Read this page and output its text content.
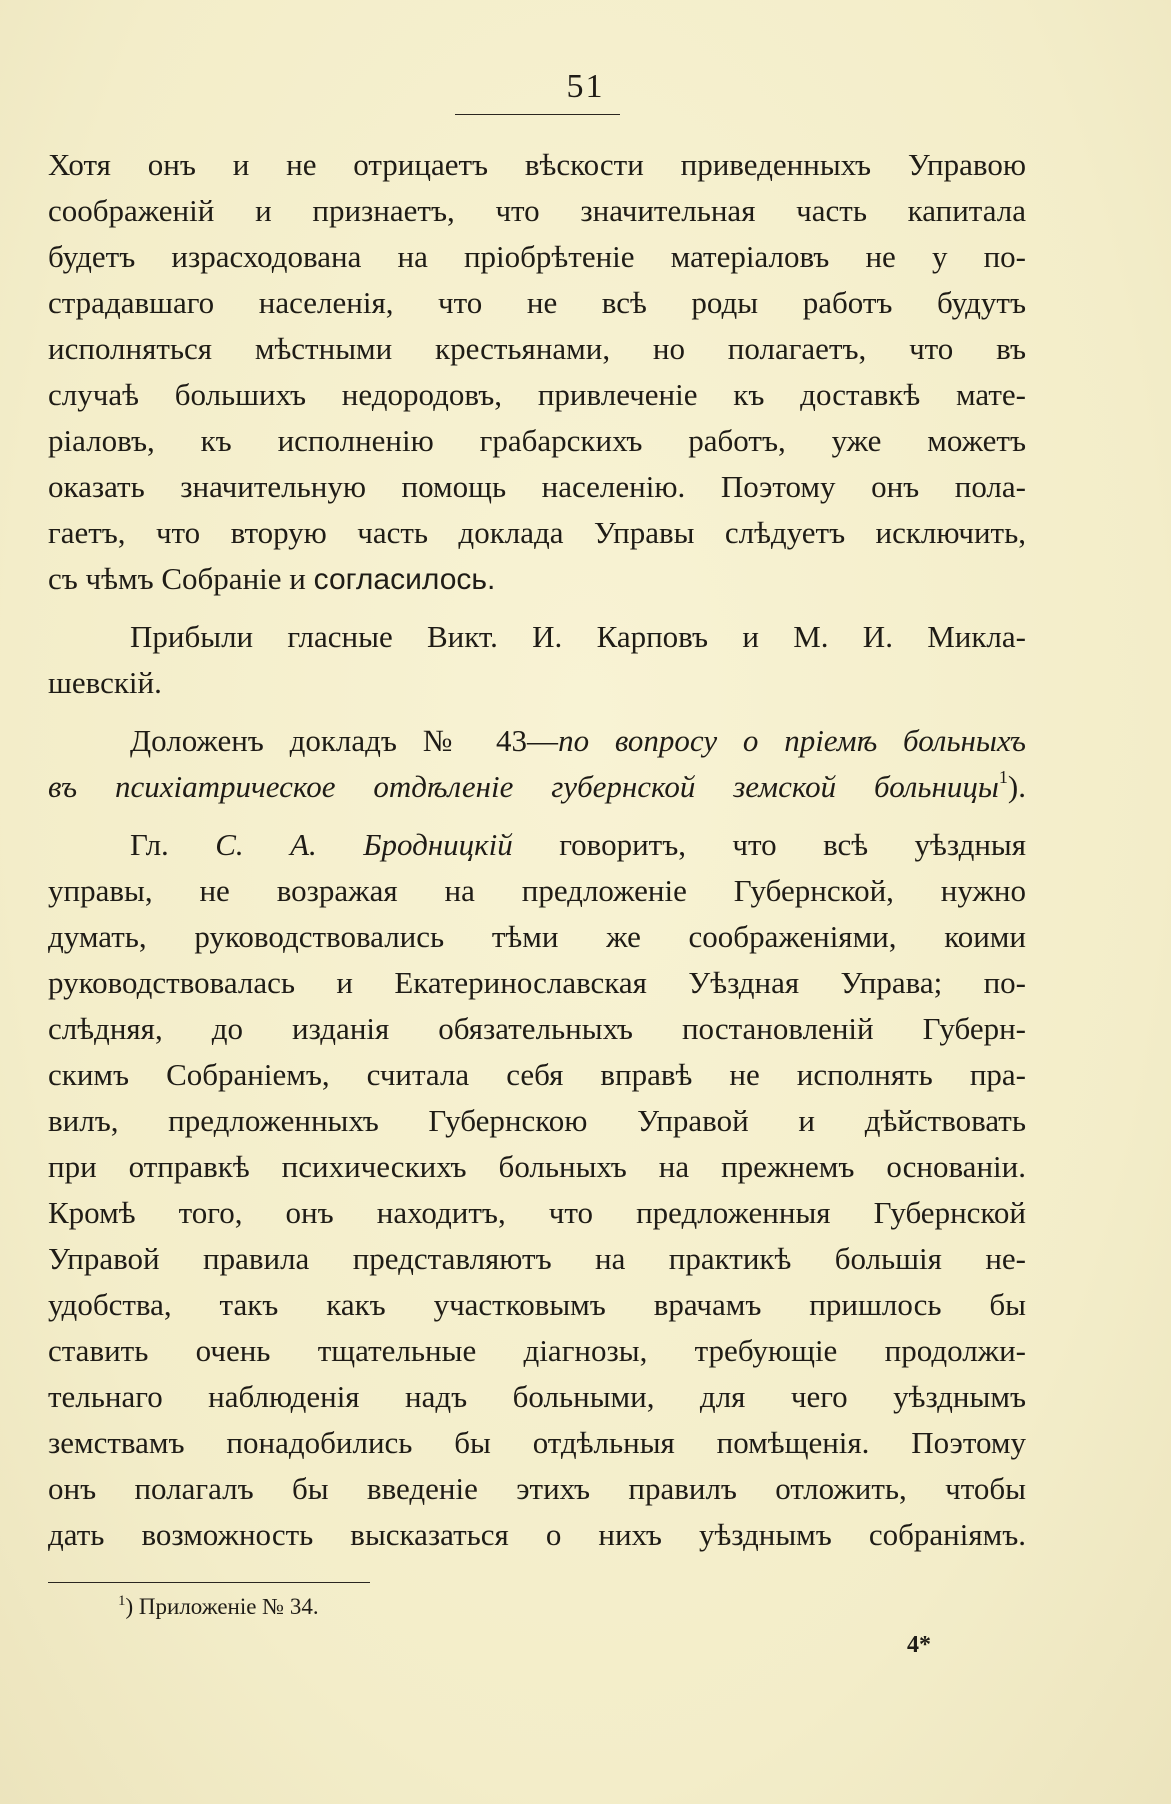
51
Хотя онъ и не отрицаетъ вѣскости приведенныхъ Управою
соображеній и признаетъ, что значительная часть капитала
будетъ израсходована на пріобрѣтеніе матеріаловъ не у по-
страдавшаго населенія, что не всѣ роды работъ будутъ
исполняться мѣстными крестьянами, но полагаетъ, что въ
случаѣ большихъ недородовъ, привлеченіе къ доставкѣ мате-
ріаловъ, къ исполненію грабарскихъ работъ, уже можетъ
оказать значительную помощь населенію. Поэтому онъ пола-
гаетъ, что вторую часть доклада Управы слѣдуетъ исключить,
съ чѣмъ Собраніе и согласилось.
Прибыли гласные Викт. И. Карповъ и М. И. Микла-
шевскій.
Доложенъ докладъ № 43—по вопросу о пріемѣ больныхъ
въ психіатрическое отдѣленіе губернской земской больницы$^1$).
Гл. С. А. Бродницкій говоритъ, что всѣ уѣздныя
управы, не возражая на предложеніе Губернской, нужно
думать, руководствовались тѣми же соображеніями, коими
руководствовалась и Екатеринославская Уѣздная Управа; по-
слѣдняя, до изданія обязательныхъ постановленій Губерн-
скимъ Собраніемъ, считала себя вправѣ не исполнять пра-
вилъ, предложенныхъ Губернскою Управой и дѣйствовать
при отправкѣ психическихъ больныхъ на прежнемъ основаніи.
Кромѣ того, онъ находитъ, что предложенныя Губернской
Управой правила представляютъ на практикѣ большія не-
удобства, такъ какъ участковымъ врачамъ пришлось бы
ставить очень тщательные діагнозы, требующіе продолжи-
тельнаго наблюденія надъ больными, для чего уѣзднымъ
земствамъ понадобились бы отдѣльныя помѣщенія. Поэтому
онъ полагалъ бы введеніе этихъ правилъ отложить, чтобы
дать возможность высказаться о нихъ уѣзднымъ собраніямъ.
$^1$) Приложеніе № 34.
4*
